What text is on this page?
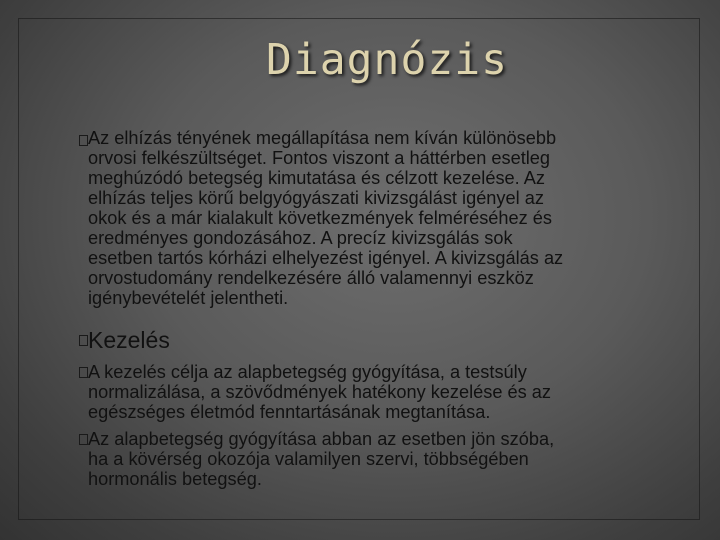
Diagnózis
Az elhízás tényének megállapítása nem kíván különösebb
orvosi felkészültséget. Fontos viszont a háttérben esetleg
meghúzódó betegség kimutatása és célzott kezelése. Az
elhízás teljes körű belgyógyászati kivizsgálást igényel az
okok és a már kialakult következmények felméréséhez és
eredményes gondozásához. A precíz kivizsgálás sok
esetben tartós kórházi elhelyezést igényel. A kivizsgálás az
orvostudomány rendelkezésére álló valamennyi eszköz
igénybevételét jelentheti.
Kezelés
A kezelés célja az alapbetegség gyógyítása, a testsúly
normalizálása, a szövődmények hatékony kezelése és az
egészséges életmód fenntartásának megtanítása.
Az alapbetegség gyógyítása abban az esetben jön szóba,
ha a kövérség okozója valamilyen szervi, többségében
hormonális betegség.
